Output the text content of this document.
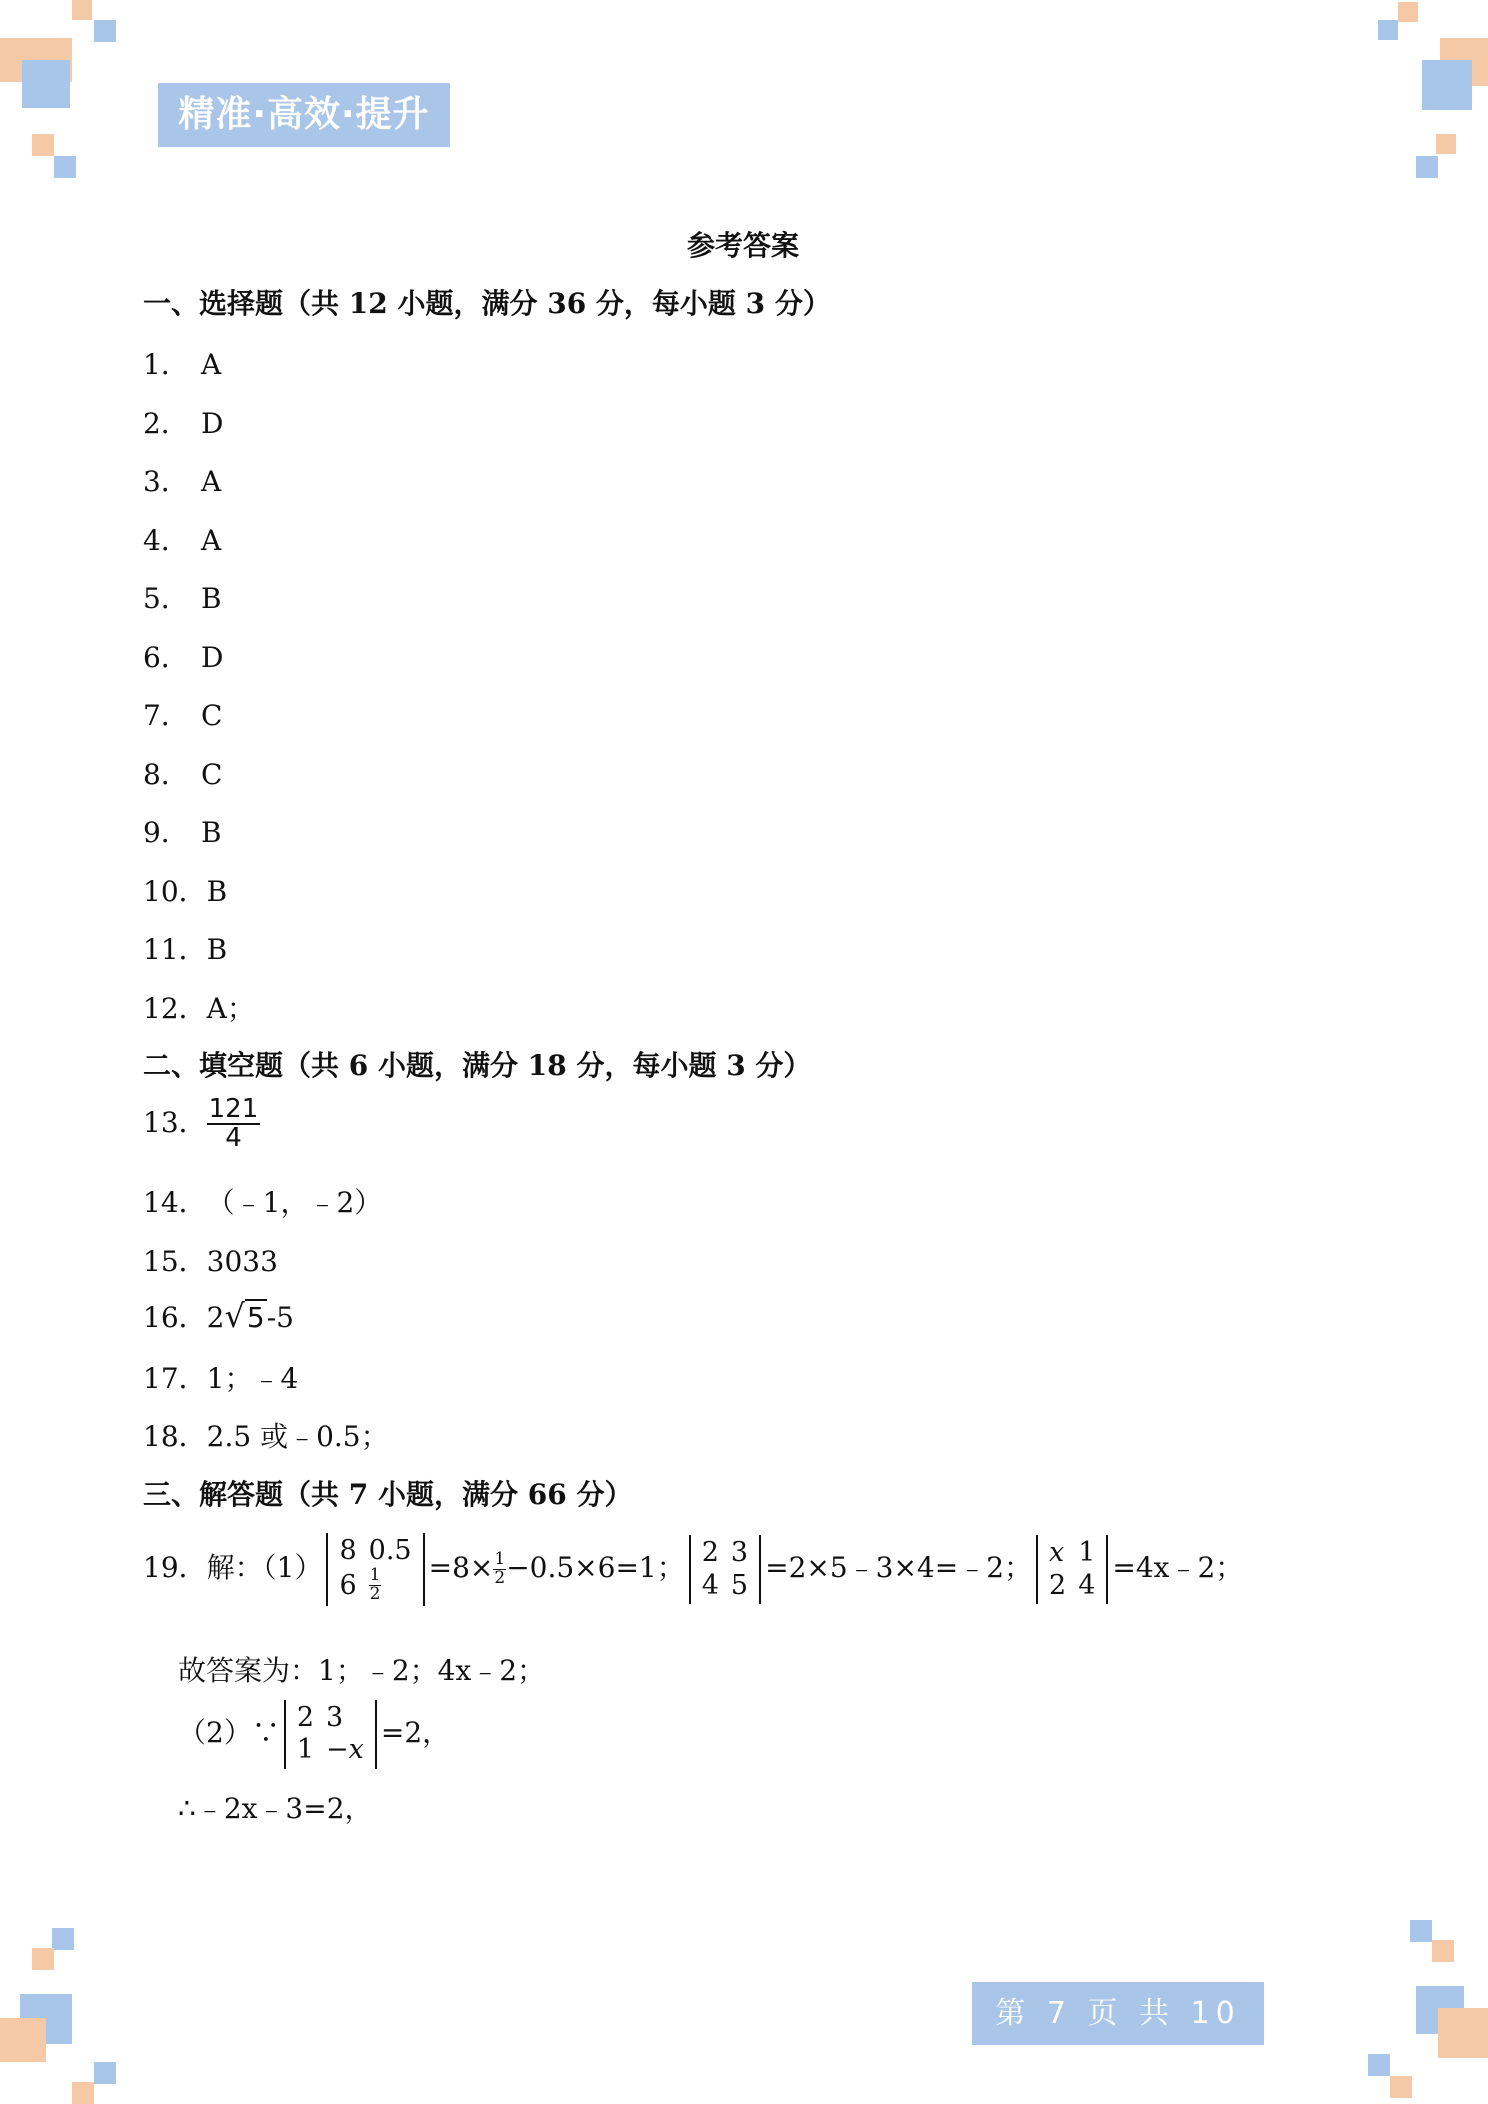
精准·高效·提升
参考答案
一、选择题（共 12 小题，满分 36 分，每小题 3 分）
1． A
2． D
3． A
4． A
5． B
6． D
7． C
8． C
9． B
10．B
11．B
12．A；
二、填空题（共 6 小题，满分 18 分，每小题 3 分）
13． $\frac{121}{4}$
14．（﹣1，﹣2）
15．3033
16．2√5-5
17．1；﹣4
18．2.5 或﹣0.5；
三、解答题（共 7 小题，满分 66 分）
19．解：（1）
8	0.5
6	$\frac{1}{2} =8\times \frac{1}{2} -0.5\times 6=1$； 2	3
4	5
=2×5﹣3×4=﹣2； x	1
2	4
=4x﹣2；
故答案为：1；﹣2；4x﹣2；
（2）∵ 2	3
1	−x
=2，
∴﹣2x﹣3=2，
第 7 页 共 10 页
